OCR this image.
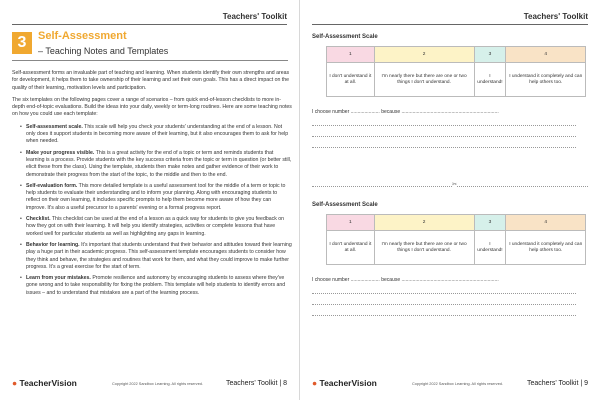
Teachers' Toolkit
3	Self-Assessment
– Teaching Notes and Templates

Self-assessment forms an invaluable part of teaching and learning. When students identify their own strengths and areas for development, it helps them to take ownership of their learning and set their own goals. This has a direct impact on the quality of their learning, motivation levels and participation.

The six templates on the following pages cover a range of scenarios – from quick end-of-lesson checklists to more in-depth end-of-topic evaluations. Build the ideas into your daily, weekly or term-long routines. Here are some teaching notes on how you could use each template:

• Self-assessment scale. This scale will help you check your students' understanding at the end of a lesson. Not only does it support students in becoming more aware of their learning, but it also encourages them to ask for help when needed.
• Make your progress visible. This is a great activity for the end of a topic or term and reminds students that learning is a process. Provide students with the key success criteria from the topic or term in question (or better still, elicit these from the class). Using the template, students then make notes and gather evidence of their work to demonstrate their progress from the start of the topic, to the middle and then to the end.
• Self-evaluation form. This more detailed template is a useful assessment tool for the middle of a term or topic to help students to evaluate their understanding and to inform your planning. Along with encouraging students to reflect on their own learning, it includes specific prompts to help them become more aware of how they can improve. It's also a useful precursor to a parents' evening or a formal progress report.
• Checklist. This checklist can be used at the end of a lesson as a quick way for students to give you feedback on how they got on with their learning. It will help you identify strategies, activities or complete lessons that have worked well for particular students as well as highlighting any gaps in learning.
• Behavior for learning. It's important that students understand that their behavior and attitudes toward their learning play a huge part in their academic progress. This self-assessment template encourages students to consider how they think and behave, the strategies and routines that work for them, and what they could improve to make further progress. It's a great exercise for the start of term.
• Learn from your mistakes. Promote resilience and autonomy by encouraging students to assess where they've gone wrong and to take responsibility for fixing the problem. This template will help students to identify errors and issues – and to understand that mistakes are a part of the learning process.
● TeacherVision	Copyright 2022 Sandbox Learning. All rights reserved.	Teachers' Toolkit | 8
Teachers' Toolkit
Self-Assessment Scale
1	2	3	4
I don't understand it at all.	I'm nearly there but there are one or two things I don't understand.	I understand!	I understand it completely and can help others too.
I choose number ..................... because ......................................................................
✂
Self-Assessment Scale
1	2	3	4
I don't understand it at all.	I'm nearly there but there are one or two things I don't understand.	I understand!	I understand it completely and can help others too.
I choose number ..................... because ......................................................................
● TeacherVision	Copyright 2022 Sandbox Learning. All rights reserved.	Teachers' Toolkit | 9
